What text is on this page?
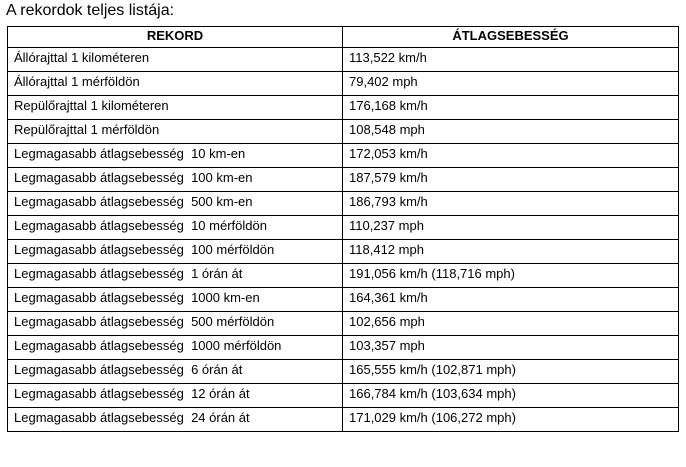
A rekordok teljes listája:
REKORD	ÁTLAGSEBESSÉG
Állórajttal 1 kilométeren	113,522 km/h
Állórajttal 1 mérföldön	79,402 mph
Repülőrajttal 1 kilométeren	176,168 km/h
Repülőrajttal 1 mérföldön	108,548 mph
Legmagasabb átlagsebesség  10 km-en	172,053 km/h
Legmagasabb átlagsebesség  100 km-en	187,579 km/h
Legmagasabb átlagsebesség  500 km-en	186,793 km/h
Legmagasabb átlagsebesség  10 mérföldön	110,237 mph
Legmagasabb átlagsebesség  100 mérföldön	118,412 mph
Legmagasabb átlagsebesség  1 órán át	191,056 km/h (118,716 mph)
Legmagasabb átlagsebesség  1000 km-en	164,361 km/h
Legmagasabb átlagsebesség  500 mérföldön	102,656 mph
Legmagasabb átlagsebesség  1000 mérföldön	103,357 mph
Legmagasabb átlagsebesség  6 órán át	165,555 km/h (102,871 mph)
Legmagasabb átlagsebesség  12 órán át	166,784 km/h (103,634 mph)
Legmagasabb átlagsebesség  24 órán át	171,029 km/h (106,272 mph)
